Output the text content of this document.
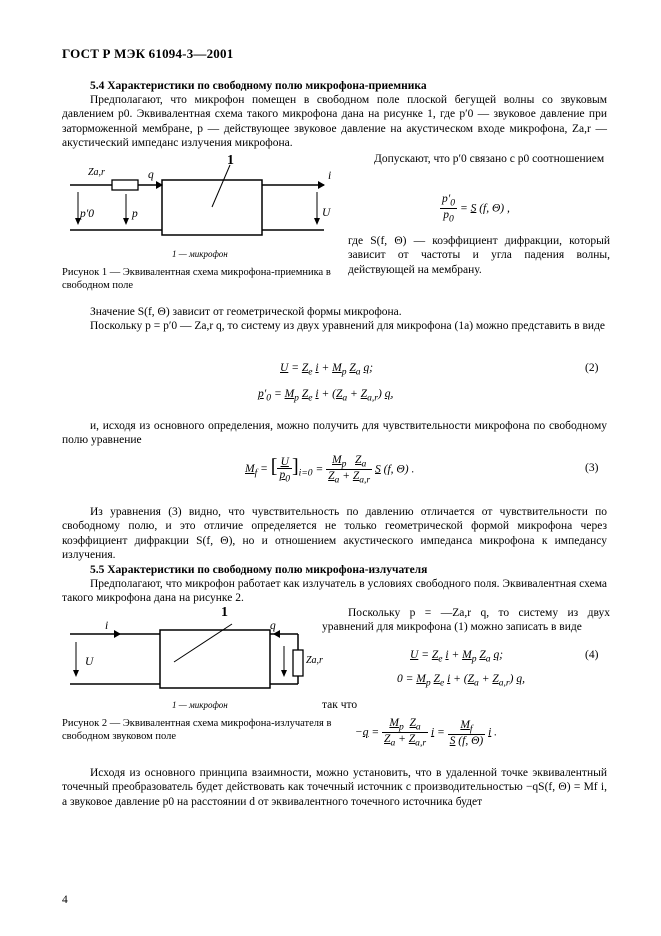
ГОСТ Р МЭК 61094-3—2001
5.4 Характеристики по свободному полю микрофона-приемника
Предполагают, что микрофон помещен в свободном поле плоской бегущей волны со звуковым давлением p0. Эквивалентная схема такого микрофона дана на рисунке 1, где p′0 — звуковое давление при заторможенной мембране, p — действующее звуковое давление на акустическом входе микрофона, Za,r — акустический импеданс излучения микрофона.
Za,r	q	i
p′0	p	U
1
1 — микрофон
Рисунок 1 — Эквивалентная схема микрофона-приемника в свободном поле
Допускают, что p′0 связано с p0 соотношением
$\frac{p'_0}{p_0} = S$ (f, Θ) ,
где S(f, Θ) — коэффициент дифракции, который зависит от частоты и угла падения волны, действующей на мембрану.
Значение S(f, Θ) зависит от геометрической формы микрофона.
Поскольку p = p′0 — Za,r q, то систему из двух уравнений для микрофона (1а) можно представить в виде
$U = Z_e$ $i + M_p$ $Z_a$ q;
$p'_0 = M_p$ $Z_e$ $i + (Z_a + Z_{a,r})$ q,
(2)
и, исходя из основного определения, можно получить для чувствительности микрофона по свободному полю уравнение
$M_f$ = [ $\frac{U}{p_0} ]_{i=0} = \frac{M_p Z_a}{Z_a + Z_{a,r}}$ S (f, Θ) .	(3)
Из уравнения (3) видно, что чувствительность по давлению отличается от чувствительности по свободному полю, и это отличие определяется не только геометрической формой микрофона через коэффициент дифракции S(f, Θ), но и отношением акустического импеданса микрофона к импедансу излучения.
5.5 Характеристики по свободному полю микрофона-излучателя
Предполагают, что микрофон работает как излучатель в условиях свободного поля. Эквивалентная схема такого микрофона дана на рисунке 2.
i	q
U	Za,r
1
1 — микрофон
Рисунок 2 — Эквивалентная схема микрофона-излучателя в свободном звуковом поле
Поскольку p = —Za,r q, то систему из двух уравнений для микрофона (1) можно записать в виде
$U = Z_e$ $i + M_p$ $Z_a$ q;
$0 = M_p$ $Z_e$ $i + (Z_a + Z_{a,r})$ q,
(4)
так что
$-q = \frac{M_p Z_a}{Z_a + Z_{a,r}}$ $i = \frac{M_f}{S (f, \Theta)}$ i .
Исходя из основного принципа взаимности, можно установить, что в удаленной точке эквивалентный точечный преобразователь будет действовать как точечный источник с производительностью −qS(f, Θ) = Mf i, а звуковое давление p0 на расстоянии d от эквивалентного точечного источника будет
4
